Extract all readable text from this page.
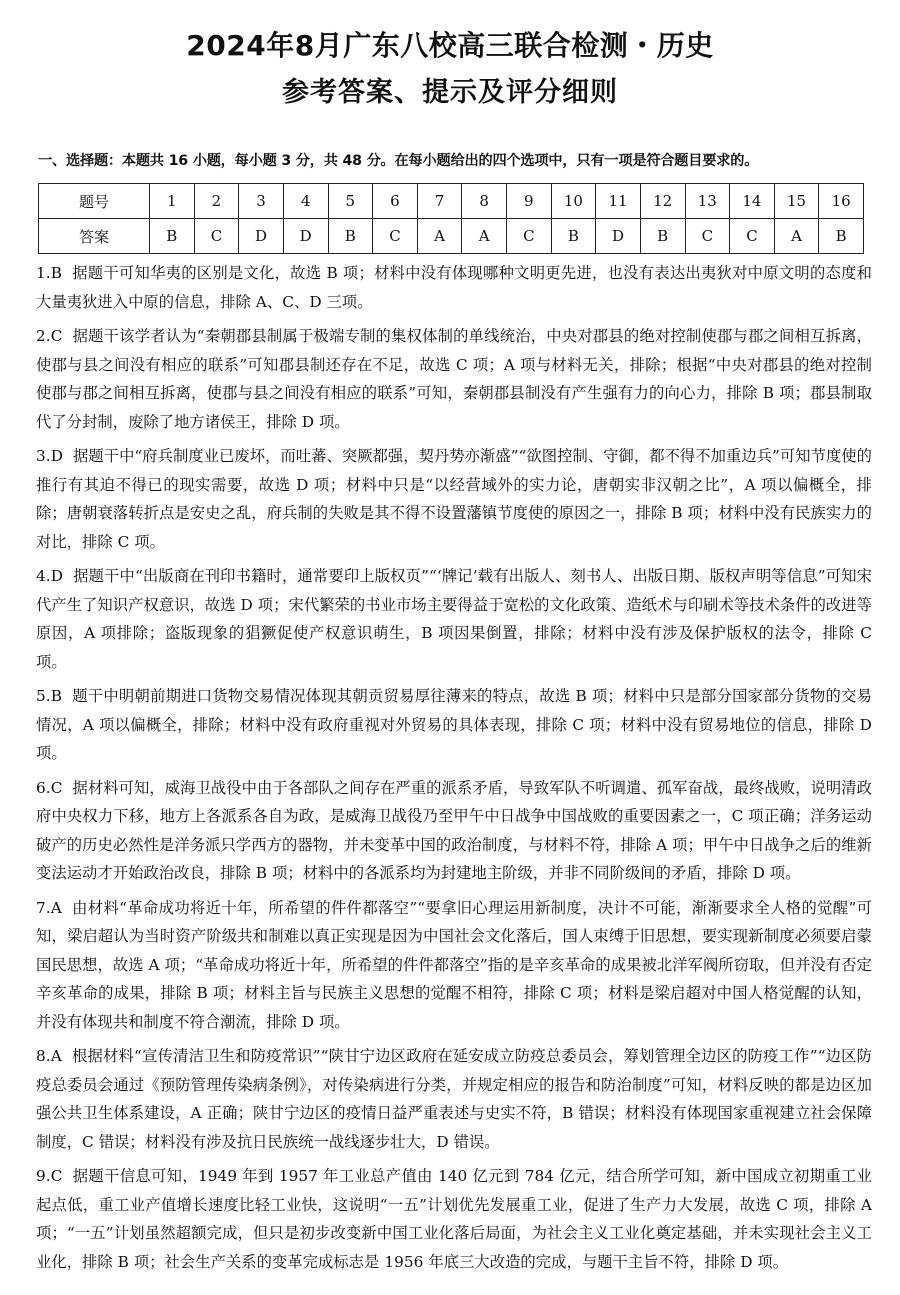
2024年8月广东八校高三联合检测・历史
参考答案、提示及评分细则
一、选择题：本题共 16 小题，每小题 3 分，共 48 分。在每小题给出的四个选项中，只有一项是符合题目要求的。
题号	1	2	3	4	5	6	7	8	9	10	11	12	13	14	15	16
答案	B	C	D	D	B	C	A	A	C	B	D	B	C	C	A	B

1.B 据题干可知华夷的区别是文化，故选 B 项；材料中没有体现哪种文明更先进，也没有表达出夷狄对中原文明的态度和大量夷狄进入中原的信息，排除 A、C、D 三项。

2.C 据题干该学者认为“秦朝郡县制属于极端专制的集权体制的单线统治，中央对郡县的绝对控制使郡与郡之间相互拆离，使郡与县之间没有相应的联系”可知郡县制还存在不足，故选 C 项；A 项与材料无关，排除；根据“中央对郡县的绝对控制使郡与郡之间相互拆离，使郡与县之间没有相应的联系”可知，秦朝郡县制没有产生强有力的向心力，排除 B 项；郡县制取代了分封制，废除了地方诸侯王，排除 D 项。

3.D 据题干中“府兵制度业已废坏，而吐蕃、突厥都强，契丹势亦渐盛”“欲图控制、守御，都不得不加重边兵”可知节度使的推行有其迫不得已的现实需要，故选 D 项；材料中只是“以经营域外的实力论，唐朝实非汉朝之比”，A 项以偏概全，排除；唐朝衰落转折点是安史之乱，府兵制的失败是其不得不设置藩镇节度使的原因之一，排除 B 项；材料中没有民族实力的对比，排除 C 项。

4.D 据题干中“出版商在刊印书籍时，通常要印上版权页”“‘牌记’载有出版人、刻书人、出版日期、版权声明等信息”可知宋代产生了知识产权意识，故选 D 项；宋代繁荣的书业市场主要得益于宽松的文化政策、造纸术与印刷术等技术条件的改进等原因，A 项排除；盗版现象的猖獗促使产权意识萌生，B 项因果倒置，排除；材料中没有涉及保护版权的法令，排除 C 项。

5.B 题干中明朝前期进口货物交易情况体现其朝贡贸易厚往薄来的特点，故选 B 项；材料中只是部分国家部分货物的交易情况，A 项以偏概全，排除；材料中没有政府重视对外贸易的具体表现，排除 C 项；材料中没有贸易地位的信息，排除 D 项。

6.C 据材料可知，威海卫战役中由于各部队之间存在严重的派系矛盾，导致军队不听调遣、孤军奋战，最终战败，说明清政府中央权力下移，地方上各派系各自为政，是威海卫战役乃至甲午中日战争中国战败的重要因素之一，C 项正确；洋务运动破产的历史必然性是洋务派只学西方的器物，并未变革中国的政治制度，与材料不符，排除 A 项；甲午中日战争之后的维新变法运动才开始政治改良，排除 B 项；材料中的各派系均为封建地主阶级，并非不同阶级间的矛盾，排除 D 项。

7.A 由材料“革命成功将近十年，所希望的件件都落空”“要拿旧心理运用新制度，决计不可能，渐渐要求全人格的觉醒”可知，梁启超认为当时资产阶级共和制难以真正实现是因为中国社会文化落后，国人束缚于旧思想，要实现新制度必须要启蒙国民思想，故选 A 项；“革命成功将近十年，所希望的件件都落空”指的是辛亥革命的成果被北洋军阀所窃取，但并没有否定辛亥革命的成果，排除 B 项；材料主旨与民族主义思想的觉醒不相符，排除 C 项；材料是梁启超对中国人格觉醒的认知，并没有体现共和制度不符合潮流，排除 D 项。

8.A 根据材料“宣传清洁卫生和防疫常识”“陕甘宁边区政府在延安成立防疫总委员会，筹划管理全边区的防疫工作”“边区防疫总委员会通过《预防管理传染病条例》，对传染病进行分类，并规定相应的报告和防治制度”可知，材料反映的都是边区加强公共卫生体系建设，A 正确；陕甘宁边区的疫情日益严重表述与史实不符，B 错误；材料没有体现国家重视建立社会保障制度，C 错误；材料没有涉及抗日民族统一战线逐步壮大，D 错误。

9.C 据题干信息可知，1949 年到 1957 年工业总产值由 140 亿元到 784 亿元，结合所学可知，新中国成立初期重工业起点低，重工业产值增长速度比轻工业快，这说明“一五”计划优先发展重工业，促进了生产力大发展，故选 C 项，排除 A 项；“一五”计划虽然超额完成，但只是初步改变新中国工业化落后局面，为社会主义工业化奠定基础，并未实现社会主义工业化，排除 B 项；社会生产关系的变革完成标志是 1956 年底三大改造的完成，与题干主旨不符，排除 D 项。
